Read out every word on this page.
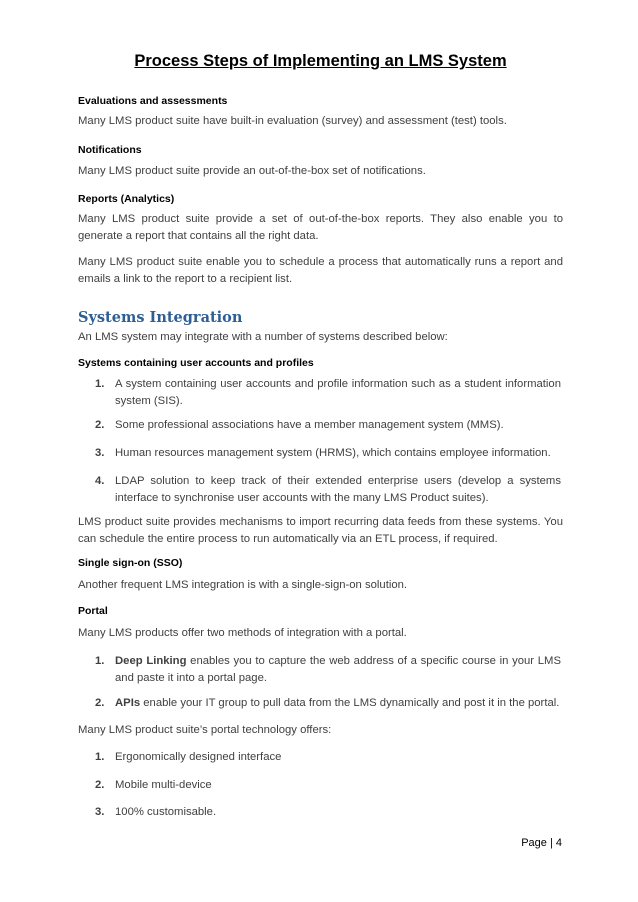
Process Steps of Implementing an LMS System
Evaluations and assessments
Many LMS product suite have built-in evaluation (survey) and assessment (test) tools.
Notifications
Many LMS product suite provide an out-of-the-box set of notifications.
Reports (Analytics)
Many LMS product suite provide a set of out-of-the-box reports. They also enable you to generate a report that contains all the right data.
Many LMS product suite enable you to schedule a process that automatically runs a report and emails a link to the report to a recipient list.
Systems Integration
An LMS system may integrate with a number of systems described below:
Systems containing user accounts and profiles
1. A system containing user accounts and profile information such as a student information system (SIS).
2. Some professional associations have a member management system (MMS).
3. Human resources management system (HRMS), which contains employee information.
4. LDAP solution to keep track of their extended enterprise users (develop a systems interface to synchronise user accounts with the many LMS Product suites).
LMS product suite provides mechanisms to import recurring data feeds from these systems. You can schedule the entire process to run automatically via an ETL process, if required.
Single sign-on (SSO)
Another frequent LMS integration is with a single-sign-on solution.
Portal
Many LMS products offer two methods of integration with a portal.
1. Deep Linking enables you to capture the web address of a specific course in your LMS and paste it into a portal page.
2. APIs enable your IT group to pull data from the LMS dynamically and post it in the portal.
Many LMS product suite’s portal technology offers:
1. Ergonomically designed interface
2. Mobile multi-device
3. 100% customisable.
Page | 4
